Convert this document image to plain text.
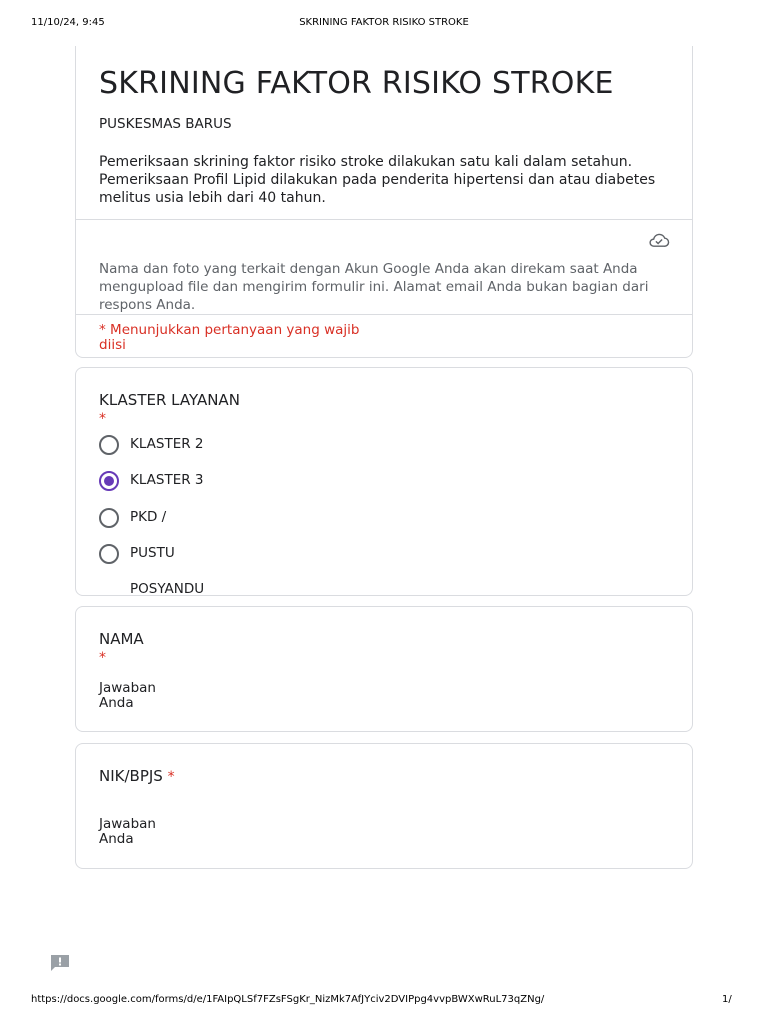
11/10/24, 9:45	SKRINING FAKTOR RISIKO STROKE
SKRINING FAKTOR RISIKO STROKE
PUSKESMAS BARUS
Pemeriksaan skrining faktor risiko stroke dilakukan satu kali dalam setahun. Pemeriksaan Profil Lipid dilakukan pada penderita hipertensi dan atau diabetes melitus usia lebih dari 40 tahun.
Nama dan foto yang terkait dengan Akun Google Anda akan direkam saat Anda mengupload file dan mengirim formulir ini. Alamat email Anda bukan bagian dari respons Anda.
* Menunjukkan pertanyaan yang wajib diisi
KLASTER LAYANAN
*
KLASTER 2
KLASTER 3
PKD /
PUSTU
POSYANDU
NAMA
*
Jawaban Anda
NIK/BPJS *
Jawaban Anda
https://docs.google.com/forms/d/e/1FAIpQLSf7FZsFSgKr_NizMk7AfJYciv2DVIPpg4vvpBWXwRuL73qZNg/	1/
